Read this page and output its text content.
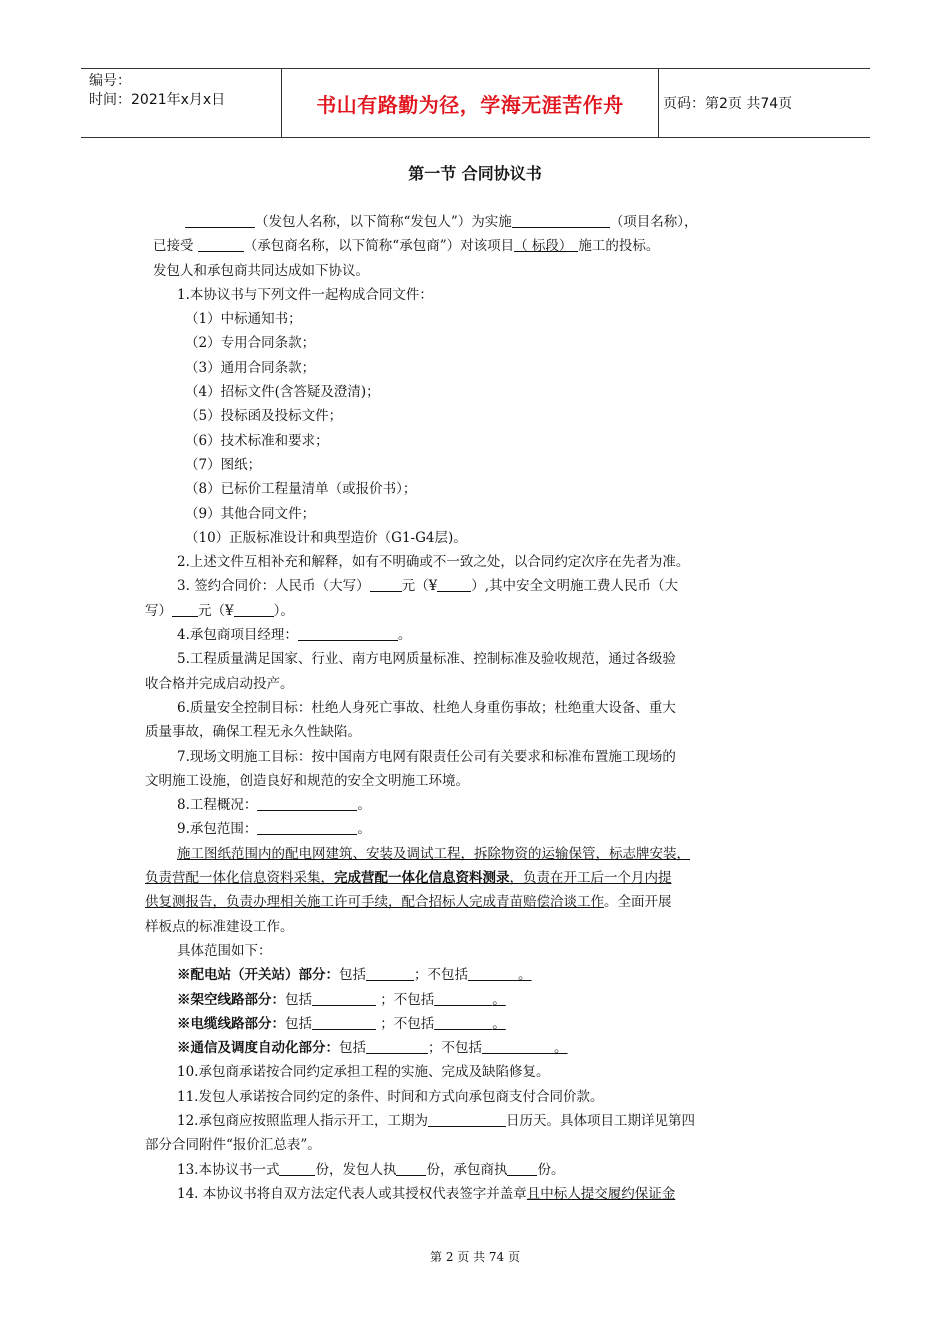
编号：
时间：2021年x月x日	书山有路勤为径，学海无涯苦作舟	页码：第2页 共74页
第一节 合同协议书
（发包人名称，以下简称“发包人”）为实施	（项目名称），
已接受	（承包商名称，以下简称“承包商”）对该项目（ 标段） 施工的投标。
发包人和承包商共同达成如下协议。
1.本协议书与下列文件一起构成合同文件：
（1）中标通知书；
（2）专用合同条款；
（3）通用合同条款；
（4）招标文件(含答疑及澄清)；
（5）投标函及投标文件；
（6）技术标准和要求；
（7）图纸；
（8）已标价工程量清单（或报价书）；
（9）其他合同文件；
（10）正版标准设计和典型造价（G1-G4层)。
2.上述文件互相补充和解释，如有不明确或不一致之处，以合同约定次序在先者为准。
3. 签约合同价：人民币（大写） 元（¥	）,其中安全文明施工费人民币（大
写） 元（¥	）。
4.承包商项目经理：	。
5.工程质量满足国家、行业、南方电网质量标准、控制标准及验收规范，通过各级验
收合格并完成启动投产。
6.质量安全控制目标：杜绝人身死亡事故、杜绝人身重伤事故；杜绝重大设备、重大
质量事故，确保工程无永久性缺陷。
7.现场文明施工目标：按中国南方电网有限责任公司有关要求和标准布置施工现场的
文明施工设施，创造良好和规范的安全文明施工环境。
8.工程概况：	。
9.承包范围：	。
施工图纸范围内的配电网建筑、安装及调试工程，拆除物资的运输保管，标志牌安装，
负责营配一体化信息资料采集，完成营配一体化信息资料测录，负责在开工后一个月内提
供复测报告，负责办理相关施工许可手续，配合招标人完成青苗赔偿洽谈工作。全面开展
样板点的标准建设工作。
具体范围如下：
※配电站（开关站）部分：包括	；不包括	。
※架空线路部分：包括	；不包括	。
※电缆线路部分：包括	；不包括	。
※通信及调度自动化部分：包括	；不包括	。
10.承包商承诺按合同约定承担工程的实施、完成及缺陷修复。
11.发包人承诺按合同约定的条件、时间和方式向承包商支付合同价款。
12.承包商应按照监理人指示开工，工期为	日历天。具体项目工期详见第四
部分合同附件“报价汇总表”。
13.本协议书一式	份，发包人执 份，承包商执 份。
14. 本协议书将自双方法定代表人或其授权代表签字并盖章且中标人提交履约保证金
第 2 页 共 74 页
